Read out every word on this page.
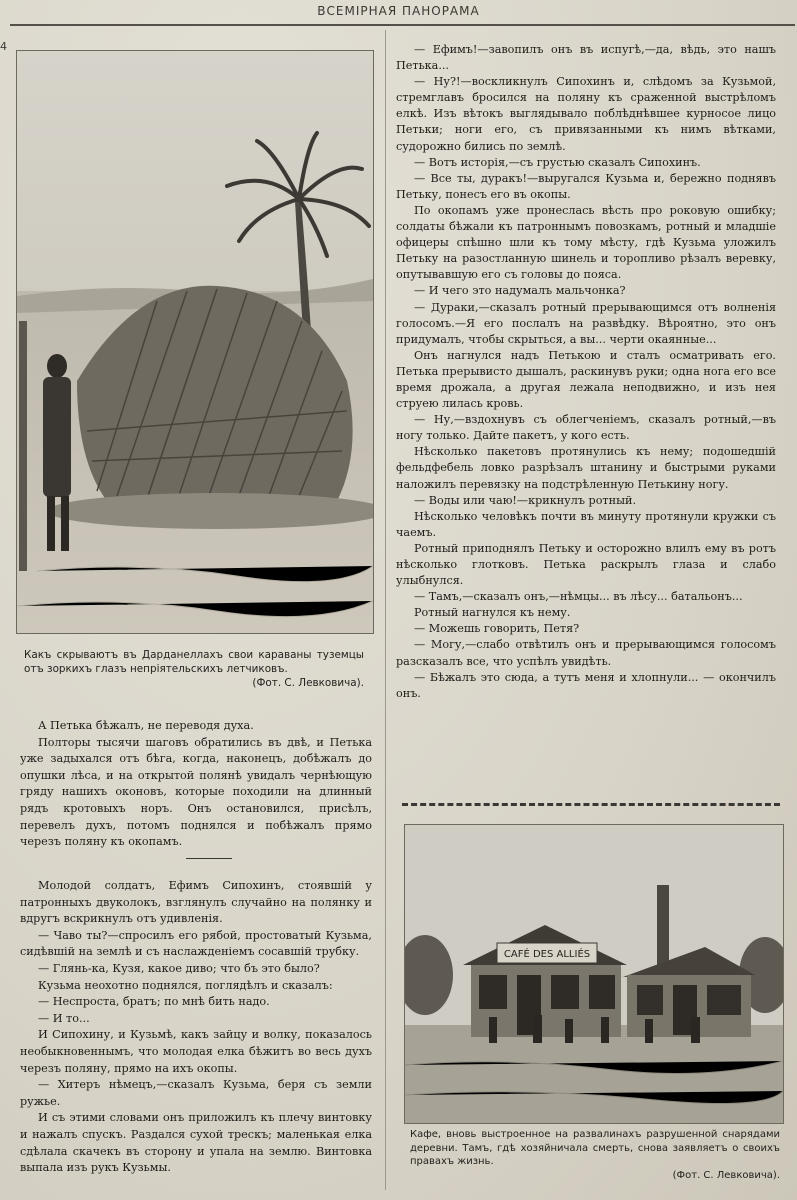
ВСЕМIРНАЯ ПАНОРАМА
4
Какъ скрываютъ въ Дарданеллахъ свои караваны туземцы отъ зоркихъ глазъ непрiятельскихъ летчиковъ.
(Фот. С. Левковича).

А Петька бѣжалъ, не переводя духа.

Полторы тысячи шаговъ обратились въ двѣ, и Петька уже задыхался отъ бѣга, когда, наконецъ, добѣжалъ до опушки лѣса, и на открытой полянѣ увидалъ чернѣющую гряду нашихъ оконовъ, которые походили на длинный рядъ кротовыхъ норъ. Онъ остановился, присѣлъ, перевелъ духъ, потомъ поднялся и побѣжалъ прямо черезъ поляну къ окопамъ.

Молодой солдатъ, Ефимъ Сипохинъ, стоявшiй у патронныхъ двуколокъ, взглянулъ случайно на полянку и вдругъ вскрикнулъ отъ удивленiя.

— Чаво ты?—спросилъ его рябой, простоватый Кузьма, сидѣвшiй на землѣ и съ наслажденiемъ сосавшiй трубку.

— Глянь-ка, Кузя, какое диво; что бъ это было?

Кузьма неохотно поднялся, поглядѣлъ и сказалъ:

— Неспроста, братъ; по мнѣ бить надо.

— И то...

И Сипохину, и Кузьмѣ, какъ зайцу и волку, показалось необыкновеннымъ, что молодая елка бѣжитъ во весь духъ черезъ поляну, прямо на ихъ окопы.

— Хитеръ нѣмецъ,—сказалъ Кузьма, беря съ земли ружье.

И съ этими словами онъ приложилъ къ плечу винтовку и нажалъ спускъ. Раздался сухой трескъ; маленькая елка сдѣлала скачекъ въ сторону и упала на землю. Винтовка выпала изъ рукъ Кузьмы.

— Ефимъ!—завопилъ онъ въ испугѣ,—да, вѣдь, это нашъ Петька...

— Ну?!—воскликнулъ Сипохинъ и, слѣдомъ за Кузьмой, стремглавъ бросился на поляну къ сраженной выстрѣломъ елкѣ. Изъ вѣтокъ выглядывало поблѣднѣвшее курносое лицо Петьки; ноги его, съ привязанными къ нимъ вѣтками, судорожно бились по землѣ.

— Вотъ исторiя,—съ грустью сказалъ Сипохинъ.

— Все ты, дуракъ!—выругался Кузьма и, бережно поднявъ Петьку, понесъ его въ окопы.

По окопамъ уже пронеслась вѣсть про роковую ошибку; солдаты бѣжали къ патроннымъ повозкамъ, ротный и младшiе офицеры спѣшно шли къ тому мѣсту, гдѣ Кузьма уложилъ Петьку на разостланную шинель и торопливо рѣзалъ веревку, опутывавшую его съ головы до пояса.

— И чего это надумалъ мальчонка?

— Дураки,—сказалъ ротный прерывающимся отъ волненiя голосомъ.—Я его послалъ на развѣдку. Вѣроятно, это онъ придумалъ, чтобы скрыться, а вы... черти окаянные...

Онъ нагнулся надъ Петькою и сталъ осматривать его. Петька прерывисто дышалъ, раскинувъ руки; одна нога его все время дрожала, а другая лежала неподвижно, и изъ нея струею лилась кровь.

— Ну,—вздохнувъ съ облегченiемъ, сказалъ ротный,—въ ногу только. Дайте пакетъ, у кого есть.

Нѣсколько пакетовъ протянулись къ нему; подошедшiй фельдфебель ловко разрѣзалъ штанину и быстрыми руками наложилъ перевязку на подстрѣленную Петькину ногу.

— Воды или чаю!—крикнулъ ротный.

Нѣсколько человѣкъ почти въ минуту протянули кружки съ чаемъ.

Ротный приподнялъ Петьку и осторожно влилъ ему въ ротъ нѣсколько глотковъ. Петька раскрылъ глаза и слабо улыбнулся.

— Тамъ,—сказалъ онъ,—нѣмцы... въ лѣсу... батальонъ...

Ротный нагнулся къ нему.

— Можешь говорить, Петя?

— Могу,—слабо отвѣтилъ онъ и прерывающимся голосомъ разсказалъ все, что успѣлъ увидѣть.

— Бѣжалъ это сюда, а тутъ меня и хлопнули... — окончилъ онъ.

CAFÉ DES ALLIÉS
Кафе, вновь выстроенное на развалинахъ разрушенной снарядами деревни. Тамъ, гдѣ хозяйничала смерть, снова заявляетъ о своихъ правахъ жизнь.
(Фот. С. Левковича).
